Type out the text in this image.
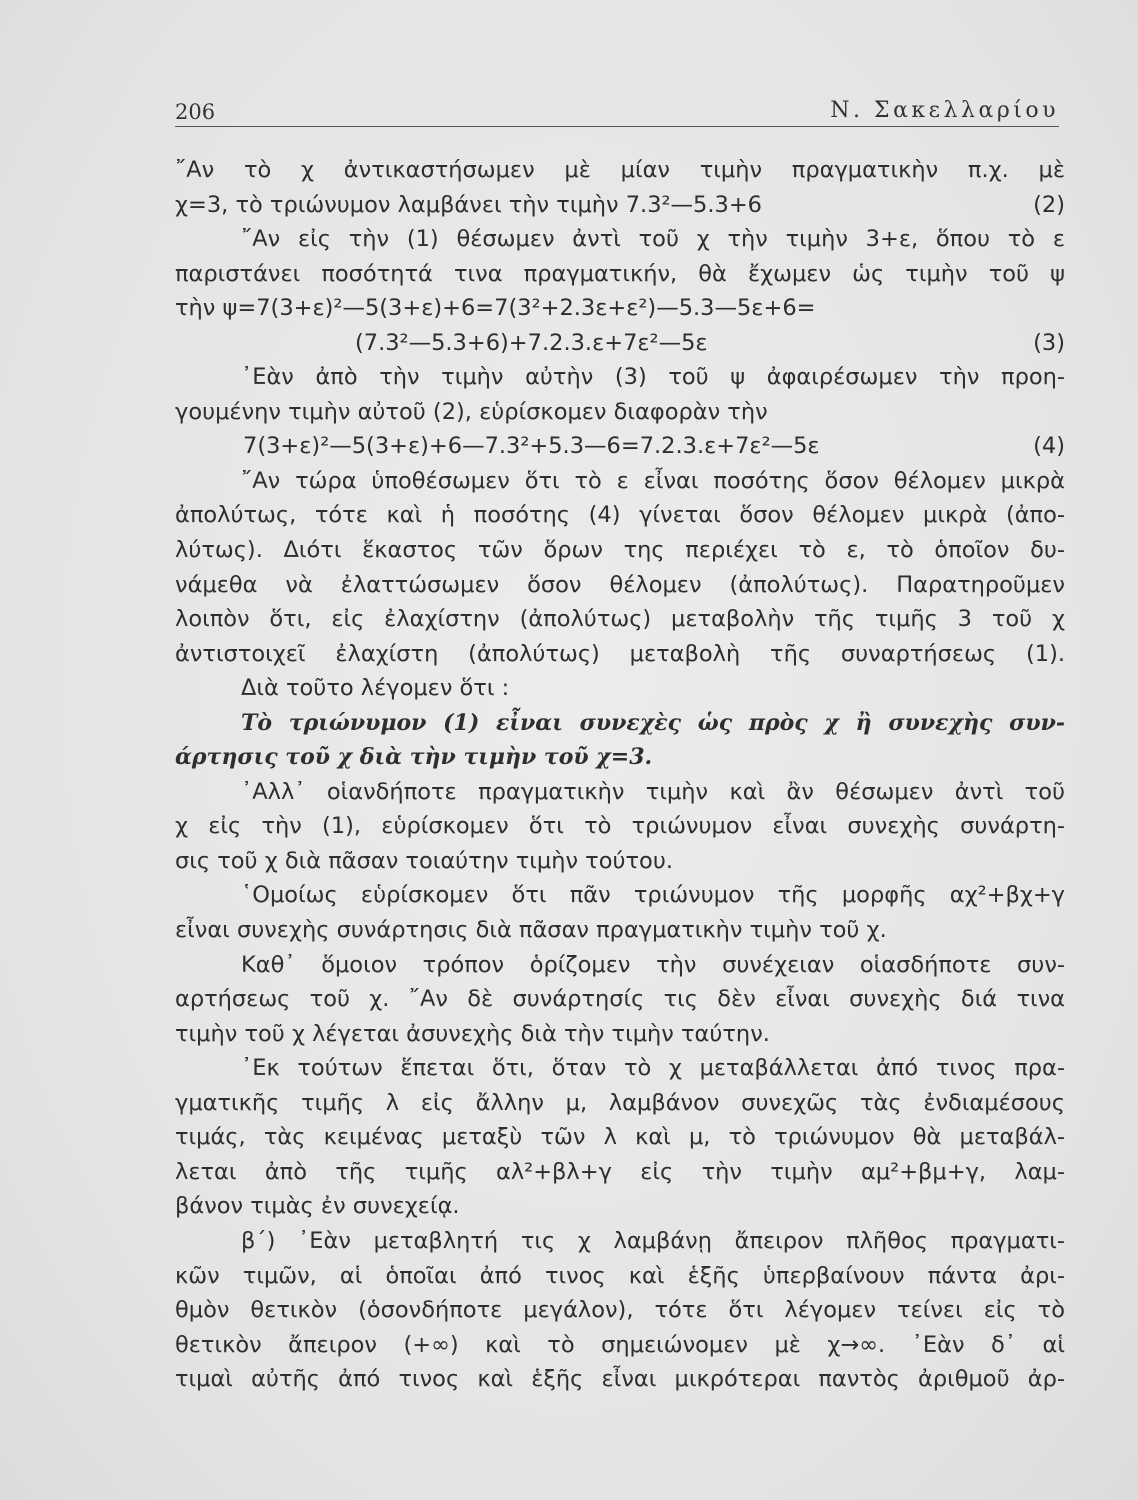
206	Ν. Σακελλαρίου
῎Αν τὸ χ ἀντικαστήσωμεν μὲ μίαν τιμὴν πραγματικὴν π.χ. μὲ
χ=3, τὸ τριώνυμον λαμβάνει τὴν τιμὴν 7.3²—5.3+6	(2)
῎Αν εἰς τὴν (1) θέσωμεν ἀντὶ τοῦ χ τὴν τιμὴν 3+ε, ὅπου τὸ ε
παριστάνει ποσότητά τινα πραγματικήν, θὰ ἔχωμεν ὡς τιμὴν τοῦ ψ
τὴν ψ=7(3+ε)²—5(3+ε)+6=7(3²+2.3ε+ε²)—5.3—5ε+6=
(7.3²—5.3+6)+7.2.3.ε+7ε²—5ε	(3)
᾿Εὰν ἀπὸ τὴν τιμὴν αὐτὴν (3) τοῦ ψ ἀφαιρέσωμεν τὴν προη-
γουμένην τιμὴν αὐτοῦ (2), εὑρίσκομεν διαφορὰν τὴν
7(3+ε)²—5(3+ε)+6—7.3²+5.3—6=7.2.3.ε+7ε²—5ε	(4)
῎Αν τώρα ὑποθέσωμεν ὅτι τὸ ε εἶναι ποσότης ὅσον θέλομεν μικρὰ
ἀπολύτως, τότε καὶ ἡ ποσότης (4) γίνεται ὅσον θέλομεν μικρὰ (ἀπο-
λύτως). Διότι ἕκαστος τῶν ὅρων της περιέχει τὸ ε, τὸ ὁποῖον δυ-
νάμεθα νὰ ἐλαττώσωμεν ὅσον θέλομεν (ἀπολύτως). Παρατηροῦμεν
λοιπὸν ὅτι, εἰς ἐλαχίστην (ἀπολύτως) μεταβολὴν τῆς τιμῆς 3 τοῦ χ
ἀντιστοιχεῖ ἐλαχίστη (ἀπολύτως) μεταβολὴ τῆς συναρτήσεως (1).
Διὰ τοῦτο λέγομεν ὅτι :
Τὸ τριώνυμον (1) εἶναι συνεχὲς ὡς πρὸς χ ἢ συνεχὴς συν-
άρτησις τοῦ χ διὰ τὴν τιμὴν τοῦ χ=3.
᾿Αλλ᾿ οἱανδήποτε πραγματικὴν τιμὴν καὶ ἂν θέσωμεν ἀντὶ τοῦ
χ εἰς τὴν (1), εὑρίσκομεν ὅτι τὸ τριώνυμον εἶναι συνεχὴς συνάρτη-
σις τοῦ χ διὰ πᾶσαν τοιαύτην τιμὴν τούτου.
῾Ομοίως εὑρίσκομεν ὅτι πᾶν τριώνυμον τῆς μορφῆς αχ²+βχ+γ
εἶναι συνεχὴς συνάρτησις διὰ πᾶσαν πραγματικὴν τιμὴν τοῦ χ.
Καθ᾿ ὅμοιον τρόπον ὁρίζομεν τὴν συνέχειαν οἱασδήποτε συν-
αρτήσεως τοῦ χ. ῎Αν δὲ συνάρτησίς τις δὲν εἶναι συνεχὴς διά τινα
τιμὴν τοῦ χ λέγεται ἀσυνεχὴς διὰ τὴν τιμὴν ταύτην.
᾿Εκ τούτων ἕπεται ὅτι, ὅταν τὸ χ μεταβάλλεται ἀπό τινος πρα-
γματικῆς τιμῆς λ εἰς ἄλλην μ, λαμβάνον συνεχῶς τὰς ἐνδιαμέσους
τιμάς, τὰς κειμένας μεταξὺ τῶν λ καὶ μ, τὸ τριώνυμον θὰ μεταβάλ-
λεται ἀπὸ τῆς τιμῆς αλ²+βλ+γ εἰς τὴν τιμὴν αμ²+βμ+γ, λαμ-
βάνον τιμὰς ἐν συνεχείᾳ.
β΄) ᾿Εὰν μεταβλητή τις χ λαμβάνῃ ἄπειρον πλῆθος πραγματι-
κῶν τιμῶν, αἱ ὁποῖαι ἀπό τινος καὶ ἑξῆς ὑπερβαίνουν πάντα ἀρι-
θμὸν θετικὸν (ὁσονδήποτε μεγάλον), τότε ὅτι λέγομεν τείνει εἰς τὸ
θετικὸν ἄπειρον (+∞) καὶ τὸ σημειώνομεν μὲ χ→∞. ᾿Εὰν δ᾿ αἱ
τιμαὶ αὐτῆς ἀπό τινος καὶ ἑξῆς εἶναι μικρότεραι παντὸς ἀριθμοῦ ἀρ-
